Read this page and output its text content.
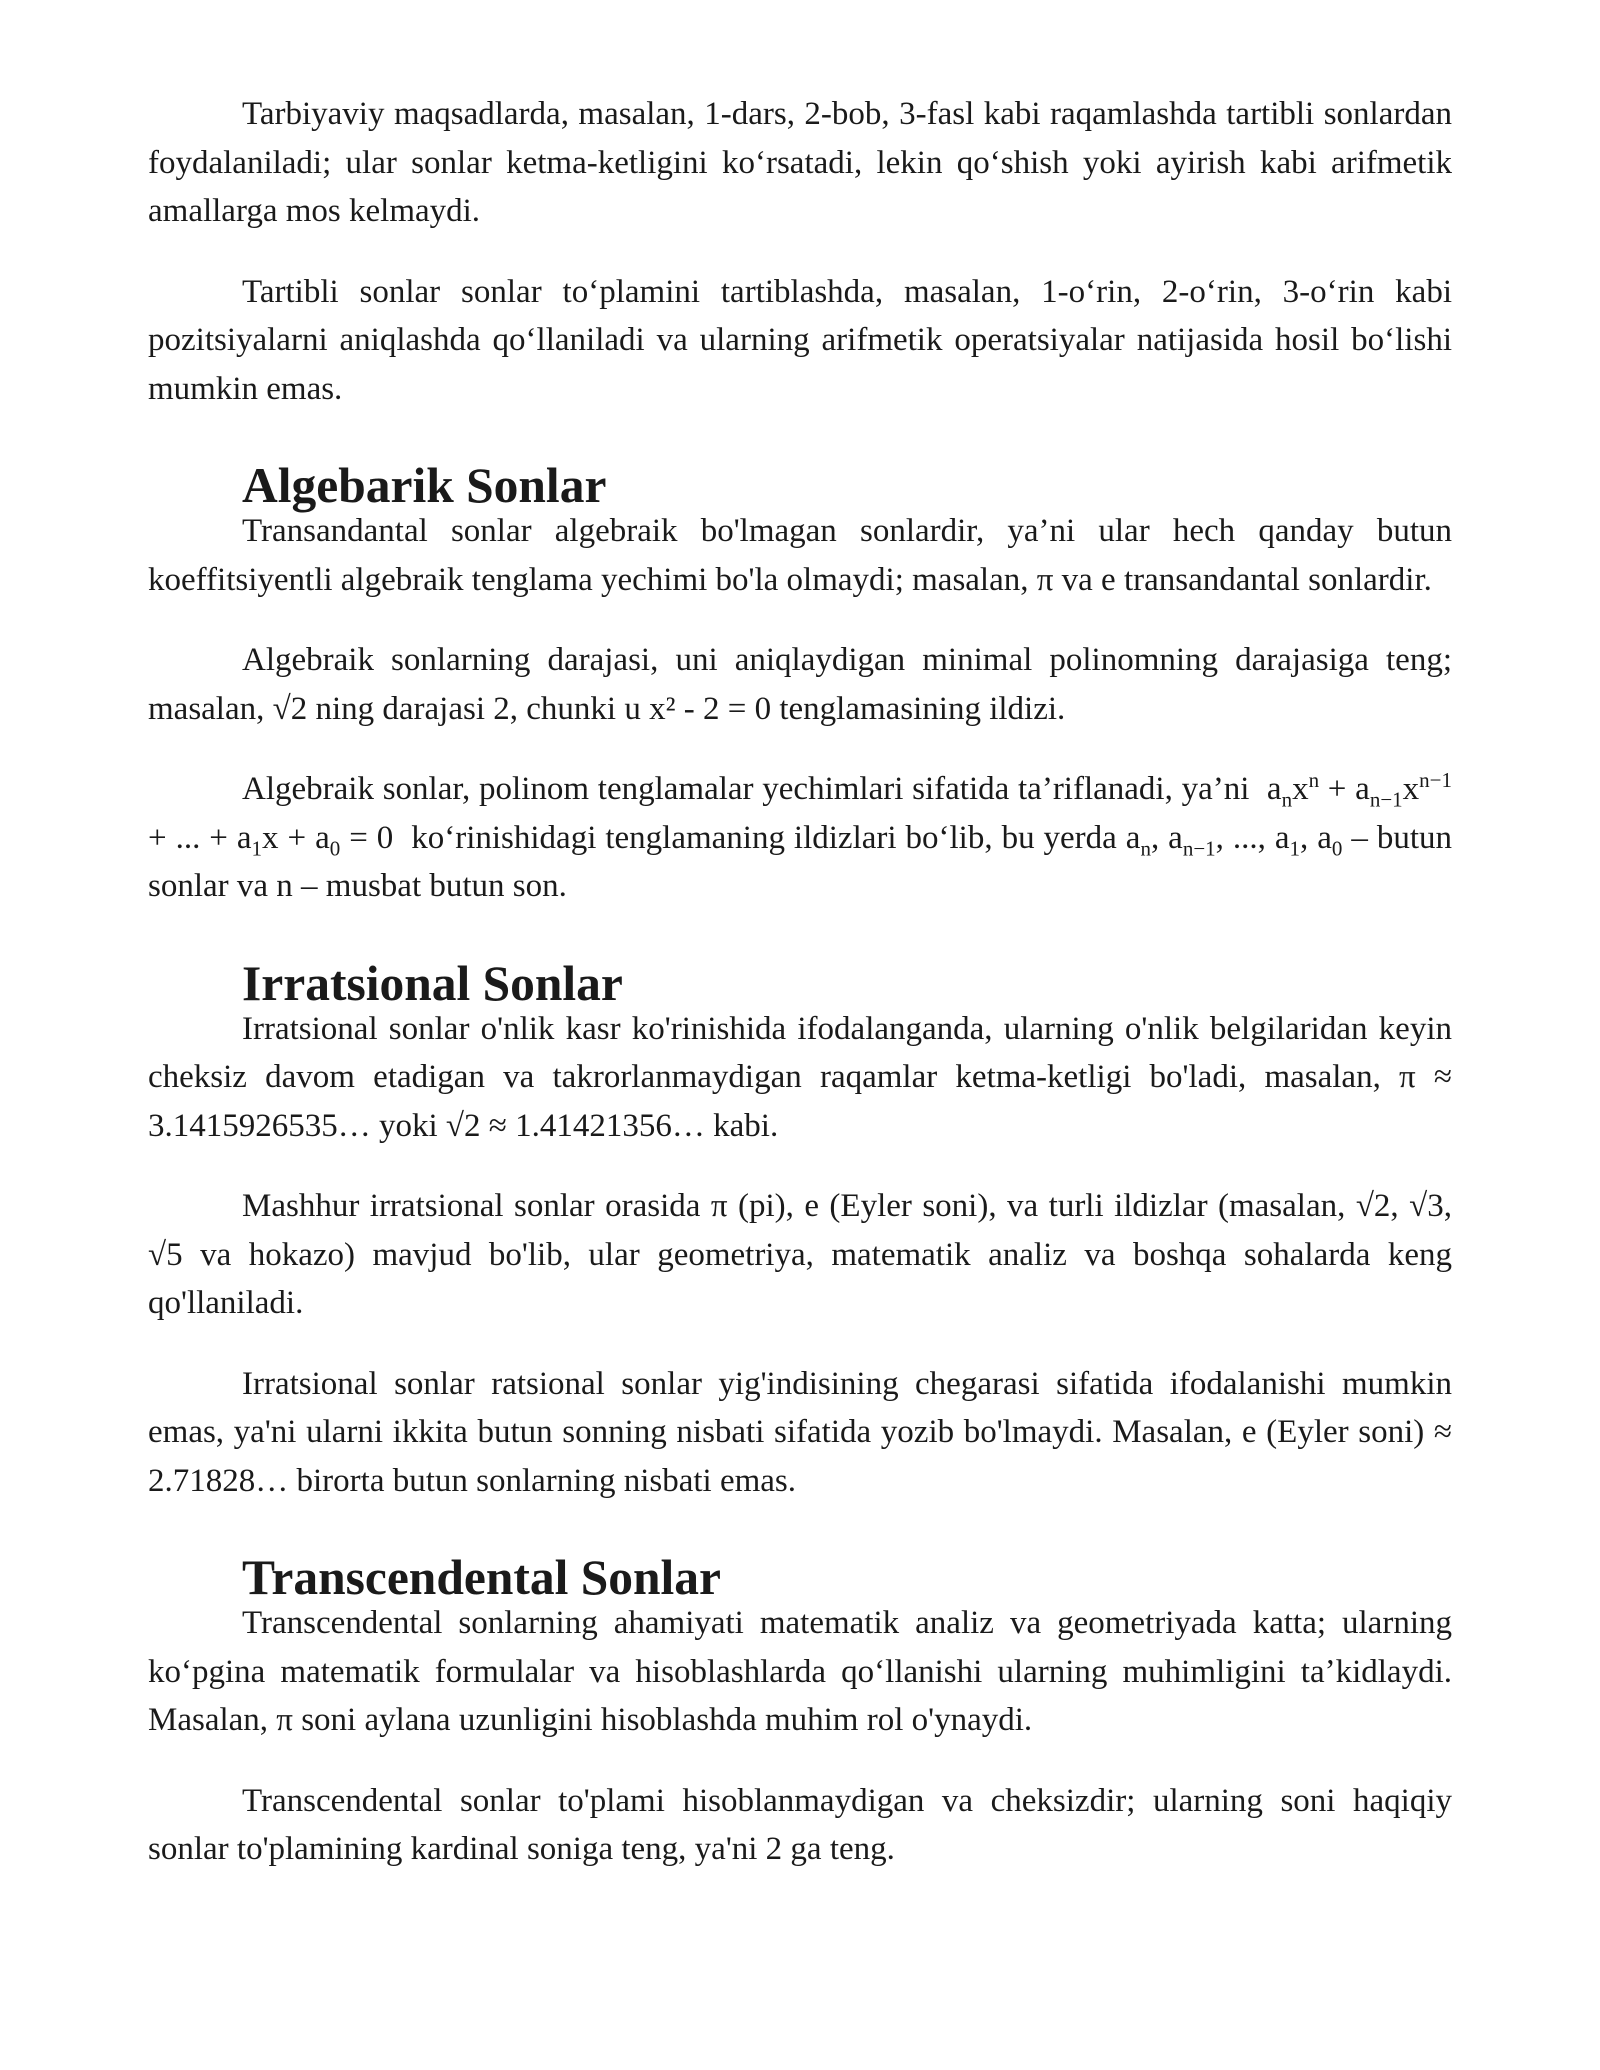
Tarbiyaviy maqsadlarda, masalan, 1-dars, 2-bob, 3-fasl kabi raqamlashda tartibli sonlardan foydalaniladi; ular sonlar ketma-ketligini koʻrsatadi, lekin qoʻshish yoki ayirish kabi arifmetik amallarga mos kelmaydi.

Tartibli sonlar sonlar toʻplamini tartiblashda, masalan, 1-oʻrin, 2-oʻrin, 3-oʻrin kabi pozitsiyalarni aniqlashda qoʻllaniladi va ularning arifmetik operatsiyalar natijasida hosil boʻlishi mumkin emas.

Algebarik Sonlar

Transandantal sonlar algebraik bo'lmagan sonlardir, ya’ni ular hech qanday butun koeffitsiyentli algebraik tenglama yechimi bo'la olmaydi; masalan, π va e transandantal sonlardir.

Algebraik sonlarning darajasi, uni aniqlaydigan minimal polinomning darajasiga teng; masalan, √2 ning darajasi 2, chunki u x² - 2 = 0 tenglamasining ildizi.

Algebraik sonlar, polinom tenglamalar yechimlari sifatida ta’riflanadi, ya’ni $a_nx^n + a_{n-1}x^{n-1}$ + ... + $a_1x + a_0 = 0$ koʻrinishidagi tenglamaning ildizlari boʻlib, bu yerda $a_n$, $a_{n-1}$, ..., $a_1$, $a_0$ – butun sonlar va n – musbat butun son.

Irratsional Sonlar

Irratsional sonlar o'nlik kasr ko'rinishida ifodalanganda, ularning o'nlik belgilaridan keyin cheksiz davom etadigan va takrorlanmaydigan raqamlar ketma-ketligi bo'ladi, masalan, π ≈ 3.1415926535… yoki √2 ≈ 1.41421356… kabi.

Mashhur irratsional sonlar orasida π (pi), e (Eyler soni), va turli ildizlar (masalan, √2, √3, √5 va hokazo) mavjud bo'lib, ular geometriya, matematik analiz va boshqa sohalarda keng qo'llaniladi.

Irratsional sonlar ratsional sonlar yig'indisining chegarasi sifatida ifodalanishi mumkin emas, ya'ni ularni ikkita butun sonning nisbati sifatida yozib bo'lmaydi. Masalan, e (Eyler soni) ≈ 2.71828… birorta butun sonlarning nisbati emas.

Transcendental Sonlar

Transcendental sonlarning ahamiyati matematik analiz va geometriyada katta; ularning koʻpgina matematik formulalar va hisoblashlarda qoʻllanishi ularning muhimligini taʼkidlaydi. Masalan, π soni aylana uzunligini hisoblashda muhim rol o'ynaydi.

Transcendental sonlar to'plami hisoblanmaydigan va cheksizdir; ularning soni haqiqiy sonlar to'plamining kardinal soniga teng, ya'ni 2 ga teng.
